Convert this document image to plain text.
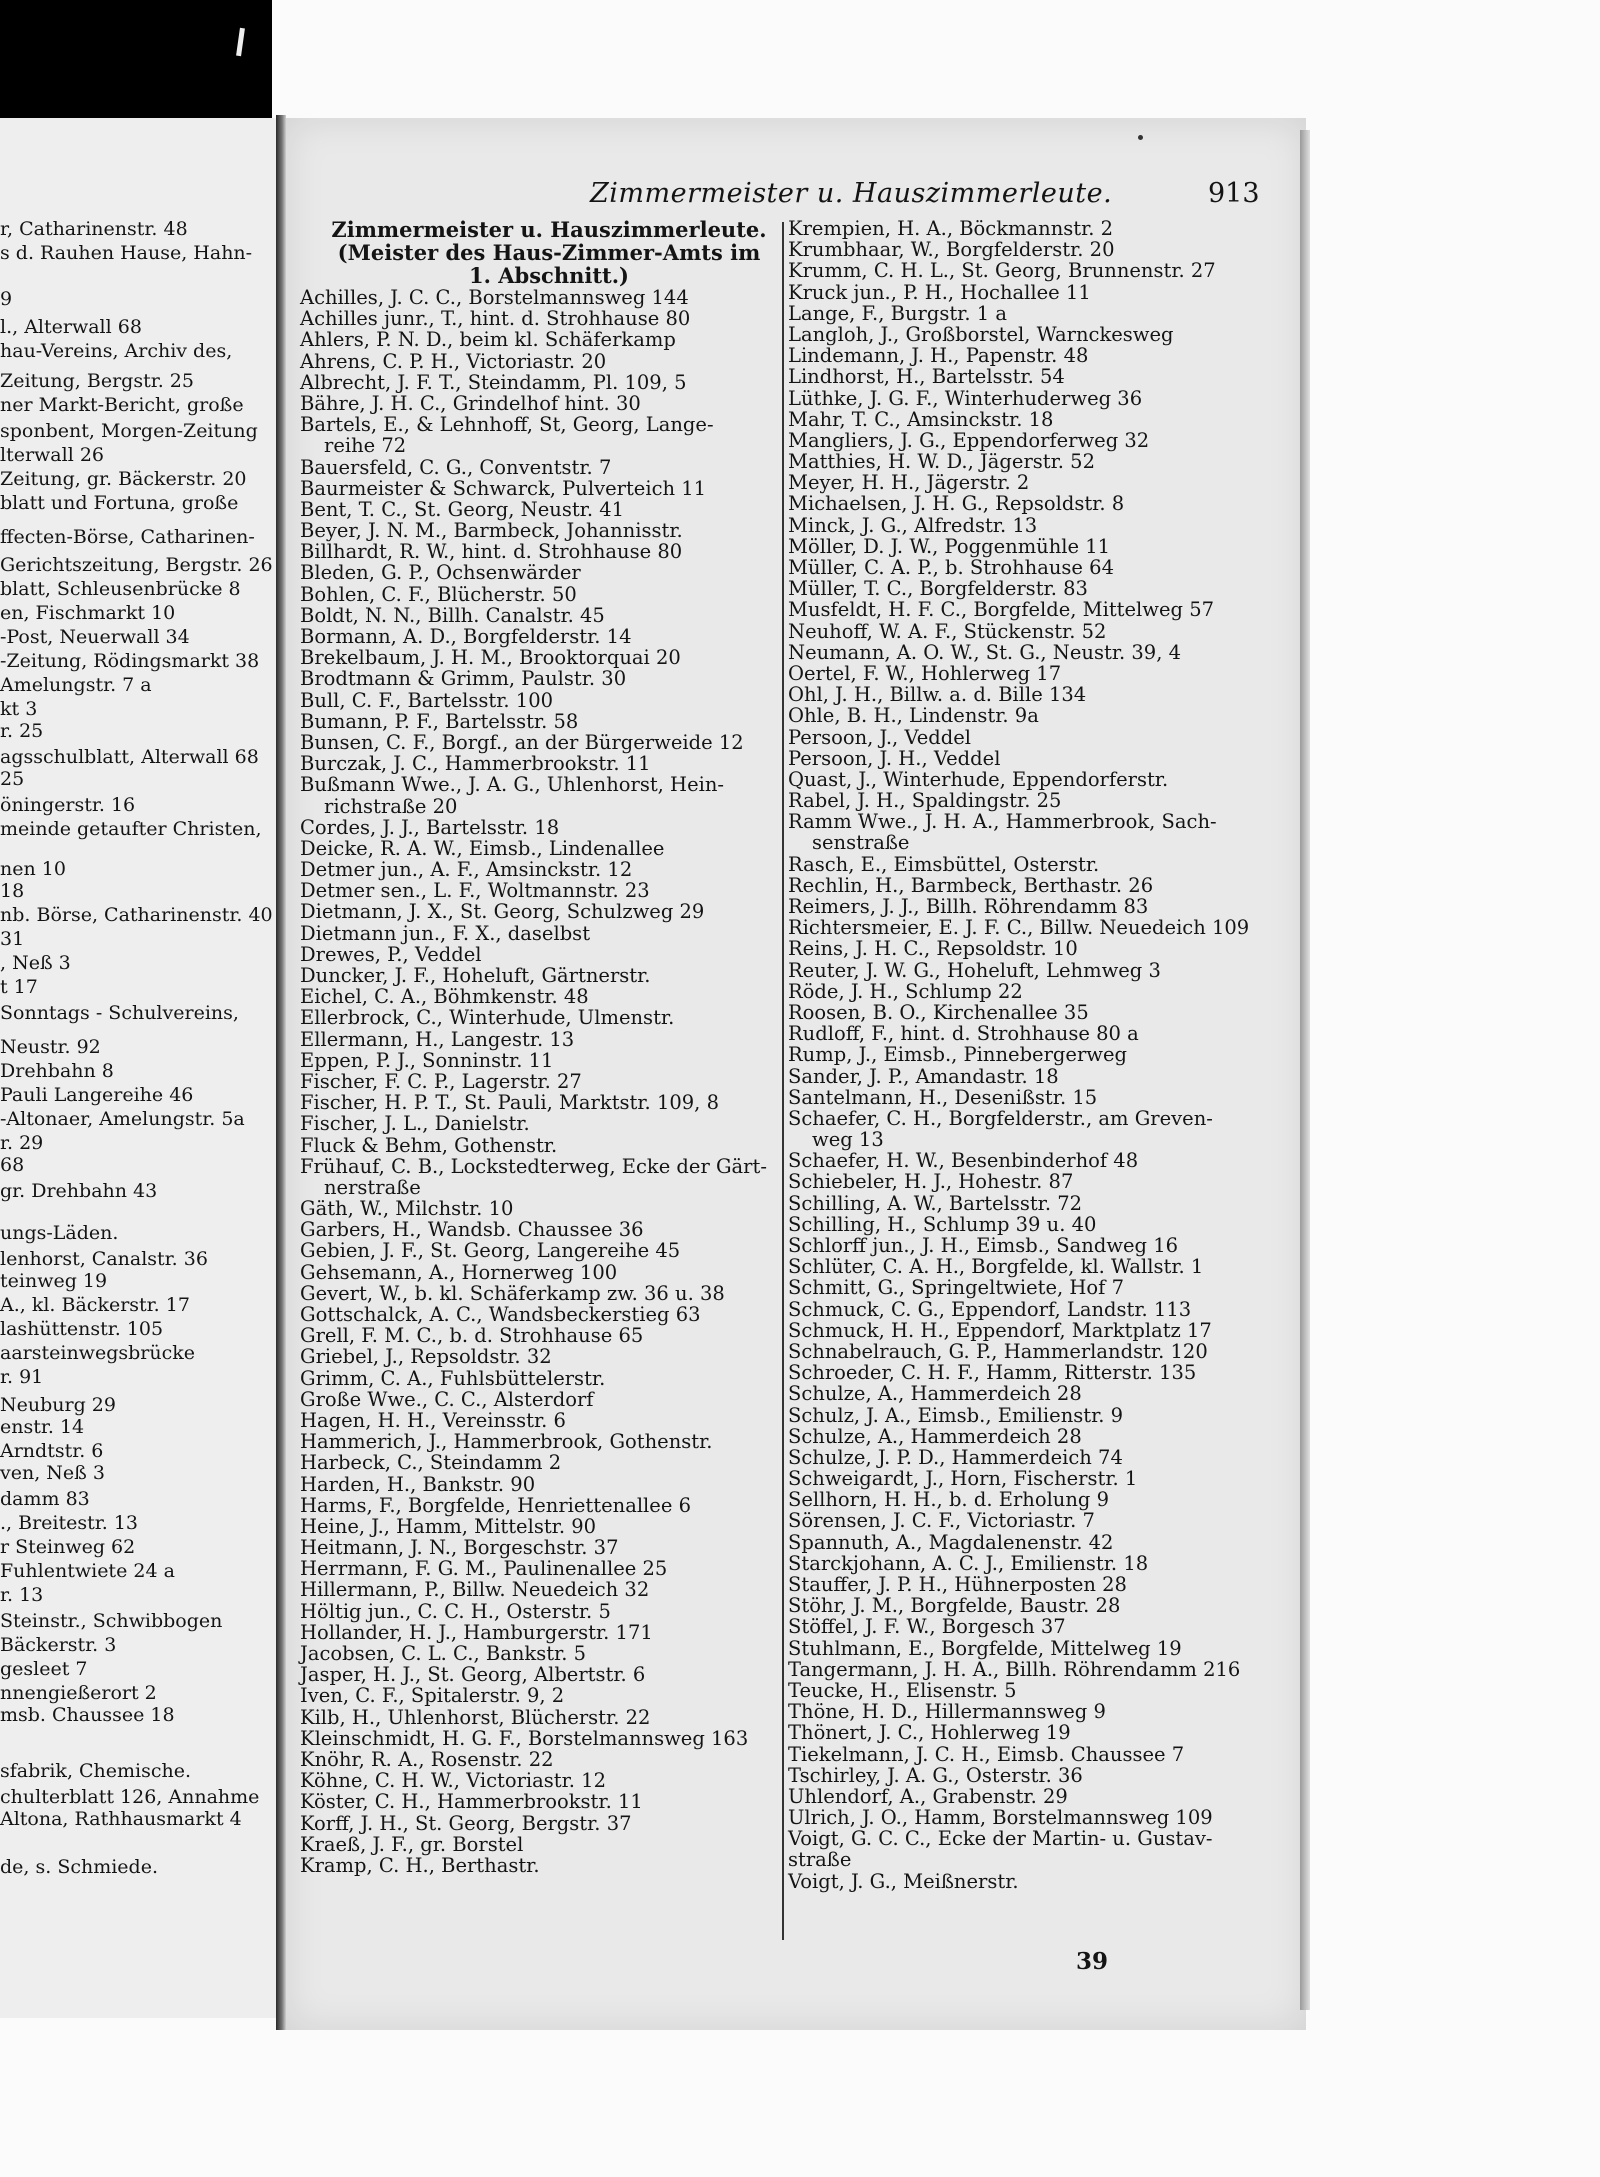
r, Catharinenstr. 48
s d. Rauhen Hause, Hahn-
9
l., Alterwall 68
hau-Vereins, Archiv des,
Zeitung, Bergstr. 25
ner Markt-Bericht, große
sponbent, Morgen-Zeitung
lterwall 26
Zeitung, gr. Bäckerstr. 20
blatt und Fortuna, große
ffecten-Börse, Catharinen-
Gerichtszeitung, Bergstr. 26
blatt, Schleusenbrücke 8
en, Fischmarkt 10
-Post, Neuerwall 34
-Zeitung, Rödingsmarkt 38
Amelungstr. 7 a
kt 3
r. 25
agsschulblatt, Alterwall 68
25
öningerstr. 16
meinde getaufter Christen,
nen 10
18
nb. Börse, Catharinenstr. 40
31
, Neß 3
t 17
Sonntags - Schulvereins,
Neustr. 92
Drehbahn 8
Pauli Langereihe 46
-Altonaer, Amelungstr. 5a
r. 29
68
gr. Drehbahn 43
ungs-Läden.
lenhorst, Canalstr. 36
teinweg 19
A., kl. Bäckerstr. 17
lashüttenstr. 105
aarsteinwegsbrücke
r. 91
Neuburg 29
enstr. 14
Arndtstr. 6
ven, Neß 3
damm 83
., Breitestr. 13
r Steinweg 62
Fuhlentwiete 24 a
r. 13
Steinstr., Schwibbogen
Bäckerstr. 3
gesleet 7
nnengießerort 2
msb. Chaussee 18
sfabrik, Chemische.
chulterblatt 126, Annahme
Altona, Rathhausmarkt 4
de, s. Schmiede.
Zimmermeister u. Hauszimmerleute.	913
Zimmermeister u. Hauszimmerleute.
(Meister des Haus-Zimmer-Amts im
1. Abschnitt.)
Achilles, J. C. C., Borstelmannsweg 144
Achilles junr., T., hint. d. Strohhause 80
Ahlers, P. N. D., beim kl. Schäferkamp
Ahrens, C. P. H., Victoriastr. 20
Albrecht, J. F. T., Steindamm, Pl. 109, 5
Bähre, J. H. C., Grindelhof hint. 30
Bartels, E., & Lehnhoff, St, Georg, Lange-
reihe 72
Bauersfeld, C. G., Conventstr. 7
Baurmeister & Schwarck, Pulverteich 11
Bent, T. C., St. Georg, Neustr. 41
Beyer, J. N. M., Barmbeck, Johannisstr.
Billhardt, R. W., hint. d. Strohhause 80
Bleden, G. P., Ochsenwärder
Bohlen, C. F., Blücherstr. 50
Boldt, N. N., Billh. Canalstr. 45
Bormann, A. D., Borgfelderstr. 14
Brekelbaum, J. H. M., Brooktorquai 20
Brodtmann & Grimm, Paulstr. 30
Bull, C. F., Bartelsstr. 100
Bumann, P. F., Bartelsstr. 58
Bunsen, C. F., Borgf., an der Bürgerweide 12
Burczak, J. C., Hammerbrookstr. 11
Bußmann Wwe., J. A. G., Uhlenhorst, Hein-
richstraße 20
Cordes, J. J., Bartelsstr. 18
Deicke, R. A. W., Eimsb., Lindenallee
Detmer jun., A. F., Amsinckstr. 12
Detmer sen., L. F., Woltmannstr. 23
Dietmann, J. X., St. Georg, Schulzweg 29
Dietmann jun., F. X., daselbst
Drewes, P., Veddel
Duncker, J. F., Hoheluft, Gärtnerstr.
Eichel, C. A., Böhmkenstr. 48
Ellerbrock, C., Winterhude, Ulmenstr.
Ellermann, H., Langestr. 13
Eppen, P. J., Sonninstr. 11
Fischer, F. C. P., Lagerstr. 27
Fischer, H. P. T., St. Pauli, Marktstr. 109, 8
Fischer, J. L., Danielstr.
Fluck & Behm, Gothenstr.
Frühauf, C. B., Lockstedterweg, Ecke der Gärt-
nerstraße
Gäth, W., Milchstr. 10
Garbers, H., Wandsb. Chaussee 36
Gebien, J. F., St. Georg, Langereihe 45
Gehsemann, A., Hornerweg 100
Gevert, W., b. kl. Schäferkamp zw. 36 u. 38
Gottschalck, A. C., Wandsbeckerstieg 63
Grell, F. M. C., b. d. Strohhause 65
Griebel, J., Repsoldstr. 32
Grimm, C. A., Fuhlsbüttelerstr.
Große Wwe., C. C., Alsterdorf
Hagen, H. H., Vereinsstr. 6
Hammerich, J., Hammerbrook, Gothenstr.
Harbeck, C., Steindamm 2
Harden, H., Bankstr. 90
Harms, F., Borgfelde, Henriettenallee 6
Heine, J., Hamm, Mittelstr. 90
Heitmann, J. N., Borgeschstr. 37
Herrmann, F. G. M., Paulinenallee 25
Hillermann, P., Billw. Neuedeich 32
Höltig jun., C. C. H., Osterstr. 5
Hollander, H. J., Hamburgerstr. 171
Jacobsen, C. L. C., Bankstr. 5
Jasper, H. J., St. Georg, Albertstr. 6
Iven, C. F., Spitalerstr. 9, 2
Kilb, H., Uhlenhorst, Blücherstr. 22
Kleinschmidt, H. G. F., Borstelmannsweg 163
Knöhr, R. A., Rosenstr. 22
Köhne, C. H. W., Victoriastr. 12
Köster, C. H., Hammerbrookstr. 11
Korff, J. H., St. Georg, Bergstr. 37
Kraeß, J. F., gr. Borstel
Kramp, C. H., Berthastr.
Krempien, H. A., Böckmannstr. 2
Krumbhaar, W., Borgfelderstr. 20
Krumm, C. H. L., St. Georg, Brunnenstr. 27
Kruck jun., P. H., Hochallee 11
Lange, F., Burgstr. 1 a
Langloh, J., Großborstel, Warnckesweg
Lindemann, J. H., Papenstr. 48
Lindhorst, H., Bartelsstr. 54
Lüthke, J. G. F., Winterhuderweg 36
Mahr, T. C., Amsinckstr. 18
Mangliers, J. G., Eppendorferweg 32
Matthies, H. W. D., Jägerstr. 52
Meyer, H. H., Jägerstr. 2
Michaelsen, J. H. G., Repsoldstr. 8
Minck, J. G., Alfredstr. 13
Möller, D. J. W., Poggenmühle 11
Müller, C. A. P., b. Strohhause 64
Müller, T. C., Borgfelderstr. 83
Musfeldt, H. F. C., Borgfelde, Mittelweg 57
Neuhoff, W. A. F., Stückenstr. 52
Neumann, A. O. W., St. G., Neustr. 39, 4
Oertel, F. W., Hohlerweg 17
Ohl, J. H., Billw. a. d. Bille 134
Ohle, B. H., Lindenstr. 9a
Persoon, J., Veddel
Persoon, J. H., Veddel
Quast, J., Winterhude, Eppendorferstr.
Rabel, J. H., Spaldingstr. 25
Ramm Wwe., J. H. A., Hammerbrook, Sach-
senstraße
Rasch, E., Eimsbüttel, Osterstr.
Rechlin, H., Barmbeck, Berthastr. 26
Reimers, J. J., Billh. Röhrendamm 83
Richtersmeier, E. J. F. C., Billw. Neuedeich 109
Reins, J. H. C., Repsoldstr. 10
Reuter, J. W. G., Hoheluft, Lehmweg 3
Röde, J. H., Schlump 22
Roosen, B. O., Kirchenallee 35
Rudloff, F., hint. d. Strohhause 80 a
Rump, J., Eimsb., Pinnebergerweg
Sander, J. P., Amandastr. 18
Santelmann, H., Desenißstr. 15
Schaefer, C. H., Borgfelderstr., am Greven-
weg 13
Schaefer, H. W., Besenbinderhof 48
Schiebeler, H. J., Hohestr. 87
Schilling, A. W., Bartelsstr. 72
Schilling, H., Schlump 39 u. 40
Schlorff jun., J. H., Eimsb., Sandweg 16
Schlüter, C. A. H., Borgfelde, kl. Wallstr. 1
Schmitt, G., Springeltwiete, Hof 7
Schmuck, C. G., Eppendorf, Landstr. 113
Schmuck, H. H., Eppendorf, Marktplatz 17
Schnabelrauch, G. P., Hammerlandstr. 120
Schroeder, C. H. F., Hamm, Ritterstr. 135
Schulze, A., Hammerdeich 28
Schulz, J. A., Eimsb., Emilienstr. 9
Schulze, A., Hammerdeich 28
Schulze, J. P. D., Hammerdeich 74
Schweigardt, J., Horn, Fischerstr. 1
Sellhorn, H. H., b. d. Erholung 9
Sörensen, J. C. F., Victoriastr. 7
Spannuth, A., Magdalenenstr. 42
Starckjohann, A. C. J., Emilienstr. 18
Stauffer, J. P. H., Hühnerposten 28
Stöhr, J. M., Borgfelde, Baustr. 28
Stöffel, J. F. W., Borgesch 37
Stuhlmann, E., Borgfelde, Mittelweg 19
Tangermann, J. H. A., Billh. Röhrendamm 216
Teucke, H., Elisenstr. 5
Thöne, H. D., Hillermannsweg 9
Thönert, J. C., Hohlerweg 19
Tiekelmann, J. C. H., Eimsb. Chaussee 7
Tschirley, J. A. G., Osterstr. 36
Uhlendorf, A., Grabenstr. 29
Ulrich, J. O., Hamm, Borstelmannsweg 109
Voigt, G. C. C., Ecke der Martin- u. Gustav-
straße
Voigt, J. G., Meißnerstr.
39
